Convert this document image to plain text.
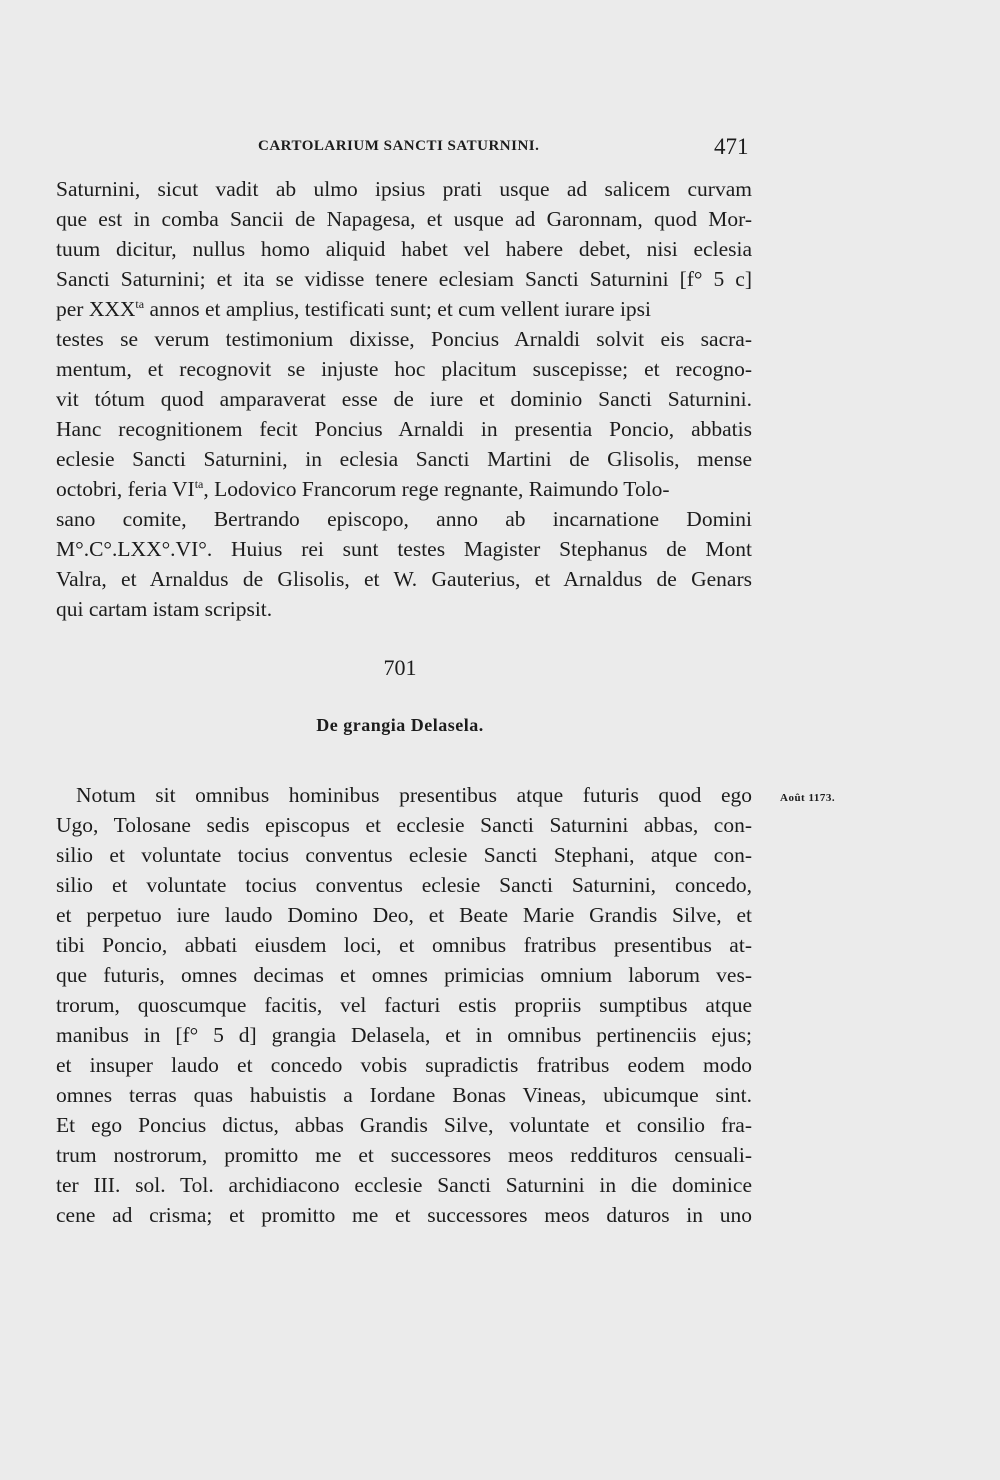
CARTOLARIUM SANCTI SATURNINI.	471
Saturnini, sicut vadit ab ulmo ipsius prati usque ad salicem curvam
que est in comba Sancii de Napagesa, et usque ad Garonnam, quod Mor-
tuum dicitur, nullus homo aliquid habet vel habere debet, nisi eclesia
Sancti Saturnini; et ita se vidisse tenere eclesiam Sancti Saturnini [f° 5 c]
per $XXX^{ta}$ annos et amplius, testificati sunt; et cum vellent iurare ipsi
testes se verum testimonium dixisse, Poncius Arnaldi solvit eis sacra-
mentum, et recognovit se injuste hoc placitum suscepisse; et recogno-
vit tótum quod amparaverat esse de iure et dominio Sancti Saturnini.
Hanc recognitionem fecit Poncius Arnaldi in presentia Poncio, abbatis
eclesie Sancti Saturnini, in eclesia Sancti Martini de Glisolis, mense
octobri, feria $VI^{ta}$, Lodovico Francorum rege regnante, Raimundo Tolo-
sano comite, Bertrando episcopo, anno ab incarnatione Domini
M°.C°.LXX°.VI°. Huius rei sunt testes Magister Stephanus de Mont
Valra, et Arnaldus de Glisolis, et W. Gauterius, et Arnaldus de Genars
qui cartam istam scripsit.
701
De grangia Delasela.
Août 1173.
Notum sit omnibus hominibus presentibus atque futuris quod ego
Ugo, Tolosane sedis episcopus et ecclesie Sancti Saturnini abbas, con-
silio et voluntate tocius conventus eclesie Sancti Stephani, atque con-
silio et voluntate tocius conventus eclesie Sancti Saturnini, concedo,
et perpetuo iure laudo Domino Deo, et Beate Marie Grandis Silve, et
tibi Poncio, abbati eiusdem loci, et omnibus fratribus presentibus at-
que futuris, omnes decimas et omnes primicias omnium laborum ves-
trorum, quoscumque facitis, vel facturi estis propriis sumptibus atque
manibus in [f° 5 d] grangia Delasela, et in omnibus pertinenciis ejus;
et insuper laudo et concedo vobis supradictis fratribus eodem modo
omnes terras quas habuistis a Iordane Bonas Vineas, ubicumque sint.
Et ego Poncius dictus, abbas Grandis Silve, voluntate et consilio fra-
trum nostrorum, promitto me et successores meos reddituros censuali-
ter III. sol. Tol. archidiacono ecclesie Sancti Saturnini in die dominice
cene ad crisma; et promitto me et successores meos daturos in uno
